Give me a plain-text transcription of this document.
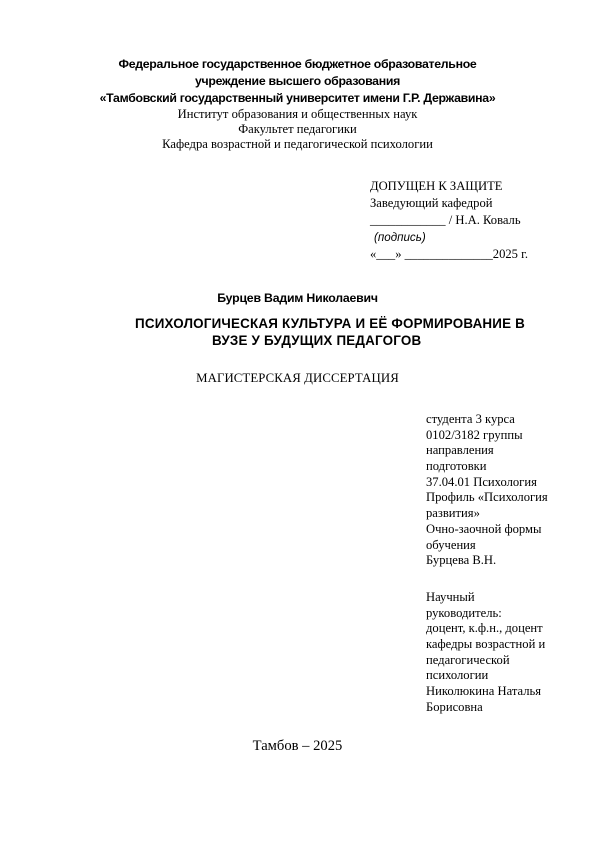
Федеральное государственное бюджетное образовательное
учреждение высшего образования
«Тамбовский государственный университет имени Г.Р. Державина»
Институт образования и общественных наук
Факультет педагогики
Кафедра возрастной и педагогической психологии
ДОПУЩЕН К ЗАЩИТЕ
Заведующий кафедрой
____________ / Н.А. Коваль
(подпись)
«___» ______________2025 г.
Бурцев Вадим Николаевич
ПСИХОЛОГИЧЕСКАЯ КУЛЬТУРА И ЕЁ ФОРМИРОВАНИЕ В
ВУЗЕ У БУДУЩИХ ПЕДАГОГОВ
МАГИСТЕРСКАЯ ДИССЕРТАЦИЯ
студента 3 курса
0102/3182 группы
направления
подготовки
37.04.01 Психология
Профиль «Психология
развития»
Очно-заочной формы
обучения
Бурцева В.Н.
Научный
руководитель:
доцент, к.ф.н., доцент
кафедры возрастной и
педагогической
психологии
Николюкина Наталья
Борисовна
Тамбов – 2025
